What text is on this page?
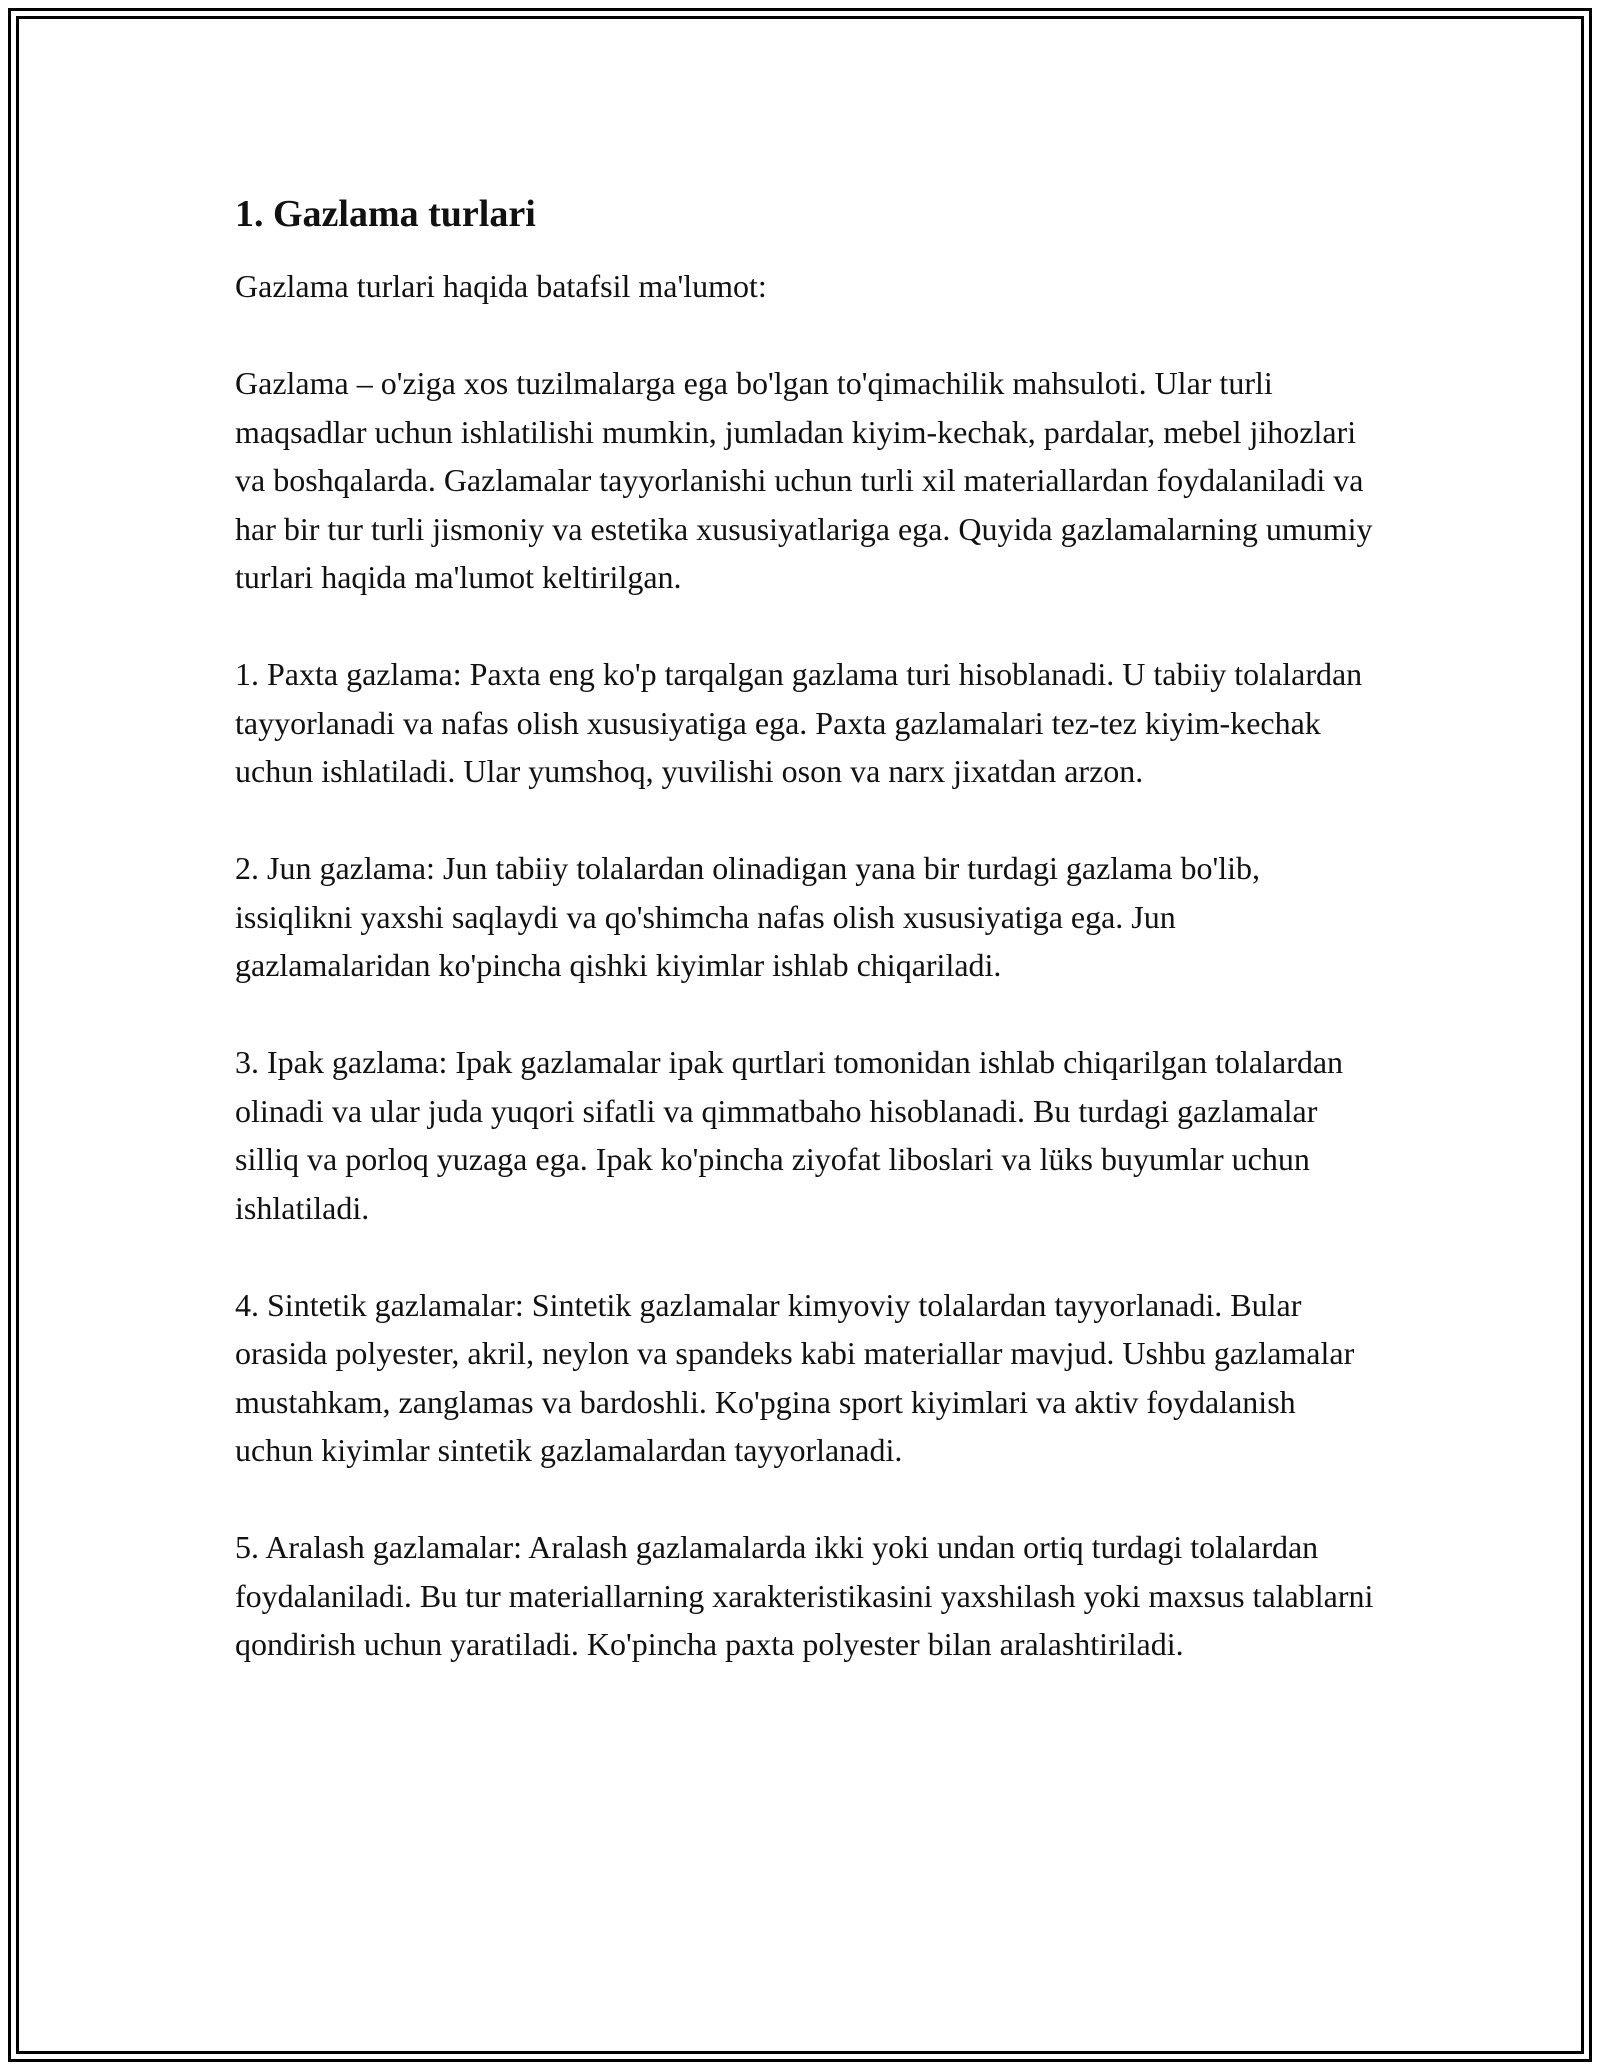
1. Gazlama turlari

Gazlama turlari haqida batafsil ma'lumot:

Gazlama – o'ziga xos tuzilmalarga ega bo'lgan to'qimachilik mahsuloti. Ular turli maqsadlar uchun ishlatilishi mumkin, jumladan kiyim-kechak, pardalar, mebel jihozlari va boshqalarda. Gazlamalar tayyorlanishi uchun turli xil materiallardan foydalaniladi va har bir tur turli jismoniy va estetika xususiyatlariga ega. Quyida gazlamalarning umumiy turlari haqida ma'lumot keltirilgan.

1. Paxta gazlama: Paxta eng ko'p tarqalgan gazlama turi hisoblanadi. U tabiiy tolalardan tayyorlanadi va nafas olish xususiyatiga ega. Paxta gazlamalari tez-tez kiyim-kechak uchun ishlatiladi. Ular yumshoq, yuvilishi oson va narx jixatdan arzon.

2. Jun gazlama: Jun tabiiy tolalardan olinadigan yana bir turdagi gazlama bo'lib, issiqlikni yaxshi saqlaydi va qo'shimcha nafas olish xususiyatiga ega. Jun gazlamalaridan ko'pincha qishki kiyimlar ishlab chiqariladi.

3. Ipak gazlama: Ipak gazlamalar ipak qurtlari tomonidan ishlab chiqarilgan tolalardan olinadi va ular juda yuqori sifatli va qimmatbaho hisoblanadi. Bu turdagi gazlamalar silliq va porloq yuzaga ega. Ipak ko'pincha ziyofat liboslari va lüks buyumlar uchun ishlatiladi.

4. Sintetik gazlamalar: Sintetik gazlamalar kimyoviy tolalardan tayyorlanadi. Bular orasida polyester, akril, neylon va spandeks kabi materiallar mavjud. Ushbu gazlamalar mustahkam, zanglamas va bardoshli. Ko'pgina sport kiyimlari va aktiv foydalanish uchun kiyimlar sintetik gazlamalardan tayyorlanadi.

5. Aralash gazlamalar: Aralash gazlamalarda ikki yoki undan ortiq turdagi tolalardan foydalaniladi. Bu tur materiallarning xarakteristikasini yaxshilash yoki maxsus talablarni qondirish uchun yaratiladi. Ko'pincha paxta polyester bilan aralashtiriladi.
